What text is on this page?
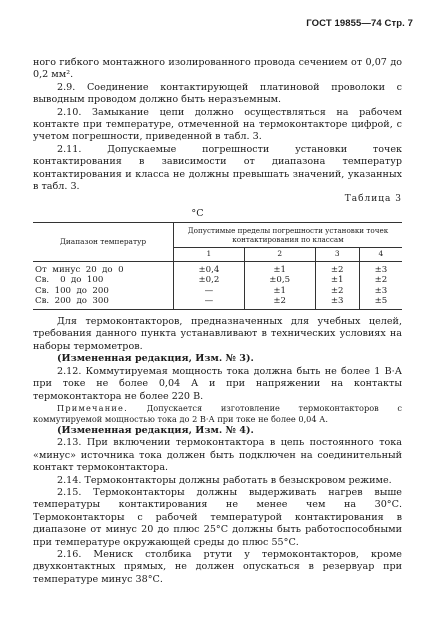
ГОСТ 19855—74 Стр. 7

ного гибкого монтажного изолированного провода сечением от 0,07 до 0,2 мм².

2.9. Соединение контактирующей платиновой проволоки с выводным проводом должно быть неразъемным.

2.10. Замыкание цепи должно осуществляться на рабочем контакте при температуре, отмеченной на термоконтакторе цифрой, с учетом погрешности, приведенной в табл. 3.

2.11. Допускаемые погрешности установки точек контактирования в зависимости от диапазона температур контактирования и класса не должны превышать значений, указанных в табл. 3.

Таблица 3

°С

Диапазон температур	Допустимые пределы погрешности установки точек контактирования по классам			
	1	2	3	4
От  минус  20  до  0	±0,4	±1	±2	±3
Св.    0  до  100	±0,2	±0,5	±1	±2
Св.  100  до  200	—	±1	±2	±3
Св.  200  до  300	—	±2	±3	±5

Для термоконтакторов, предназначенных для учебных целей, требования данного пункта устанавливают в технических условиях на наборы термометров.

(Измененная редакция, Изм. № 3).

2.12. Коммутируемая мощность тока должна быть не более 1 В·А при токе не более 0,04 А и при напряжении на контакты термоконтактора не более 220 В.

Примечание. Допускается изготовление термоконтакторов с коммутируемой мощностью тока до 2 В·А при токе не более 0,04 А.

(Измененная редакция, Изм. № 4).

2.13. При включении термоконтактора в цепь постоянного тока «минус» источника тока должен быть подключен на соединительный контакт термоконтактора.

2.14. Термоконтакторы должны работать в безыскровом режиме.

2.15. Термоконтакторы должны выдерживать нагрев выше температуры контактирования не менее чем на 30°С. Термоконтакторы с рабочей температурой контактирования в диапазоне от минус 20 до плюс 25°С должны быть работоспособными при температуре окружающей среды до плюс 55°С.

2.16. Мениск столбика ртути у термоконтакторов, кроме двухконтактных прямых, не должен опускаться в резервуар при температуре минус 38°С.
